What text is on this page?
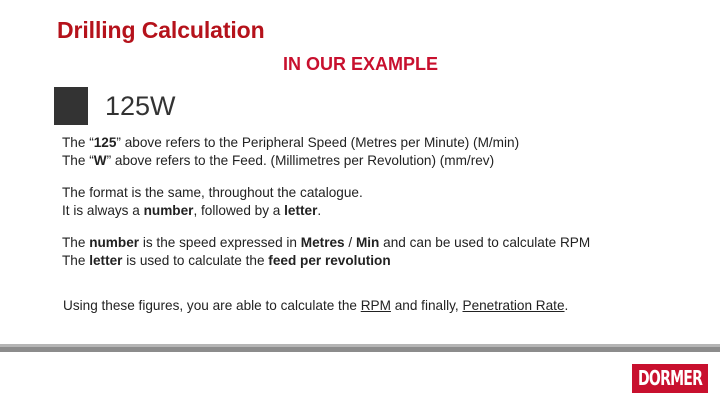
Drilling Calculation
IN OUR EXAMPLE
125W
The “125” above refers to the Peripheral Speed (Metres per Minute) (M/min)
The “W” above refers to the Feed. (Millimetres per Revolution) (mm/rev)
The format is the same, throughout the catalogue.
It is always a number, followed by a letter.
The number is the speed expressed in Metres / Min and can be used to calculate RPM
The letter is used to calculate the feed per revolution
Using these figures, you are able to calculate the RPM and finally, Penetration Rate.
DORMER
